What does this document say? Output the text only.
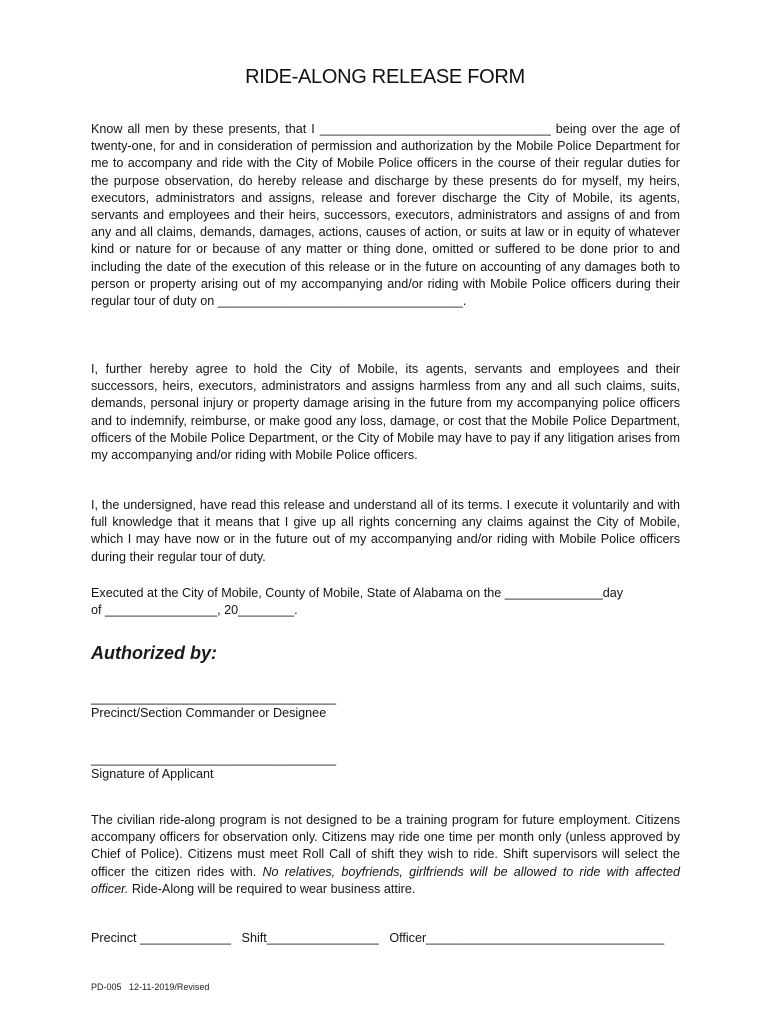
RIDE-ALONG RELEASE FORM
Know all men by these presents, that I _________________________________ being over the age of twenty-one, for and in consideration of permission and authorization by the Mobile Police Department for me to accompany and ride with the City of Mobile Police officers in the course of their regular duties for the purpose observation, do hereby release and discharge by these presents do for myself, my heirs, executors, administrators and assigns, release and forever discharge the City of Mobile, its agents, servants and employees and their heirs, successors, executors, administrators and assigns of and from any and all claims, demands, damages, actions, causes of action, or suits at law or in equity of whatever kind or nature for or because of any matter or thing done, omitted or suffered to be done prior to and including the date of the execution of this release or in the future on accounting of any damages both to person or property arising out of my accompanying and/or riding with Mobile Police officers during their regular tour of duty on ___________________________________.
I, further hereby agree to hold the City of Mobile, its agents, servants and employees and their successors, heirs, executors, administrators and assigns harmless from any and all such claims, suits, demands, personal injury or property damage arising in the future from my accompanying police officers and to indemnify, reimburse, or make good any loss, damage, or cost that the Mobile Police Department, officers of the Mobile Police Department, or the City of Mobile may have to pay if any litigation arises from my accompanying and/or riding with Mobile Police officers.
I, the undersigned, have read this release and understand all of its terms. I execute it voluntarily and with full knowledge that it means that I give up all rights concerning any claims against the City of Mobile, which I may have now or in the future out of my accompanying and/or riding with Mobile Police officers during their regular tour of duty.
Executed at the City of Mobile, County of Mobile, State of Alabama on the ______________day
of ________________, 20________.
Authorized by:
___________________________________
Precinct/Section Commander or Designee
___________________________________
Signature of Applicant
The civilian ride-along program is not designed to be a training program for future employment. Citizens accompany officers for observation only. Citizens may ride one time per month only (unless approved by Chief of Police). Citizens must meet Roll Call of shift they wish to ride. Shift supervisors will select the officer the citizen rides with. No relatives, boyfriends, girlfriends will be allowed to ride with affected officer. Ride-Along will be required to wear business attire.
Precinct _____________ Shift________________ Officer__________________________________
PD-005 12-11-2019/Revised
